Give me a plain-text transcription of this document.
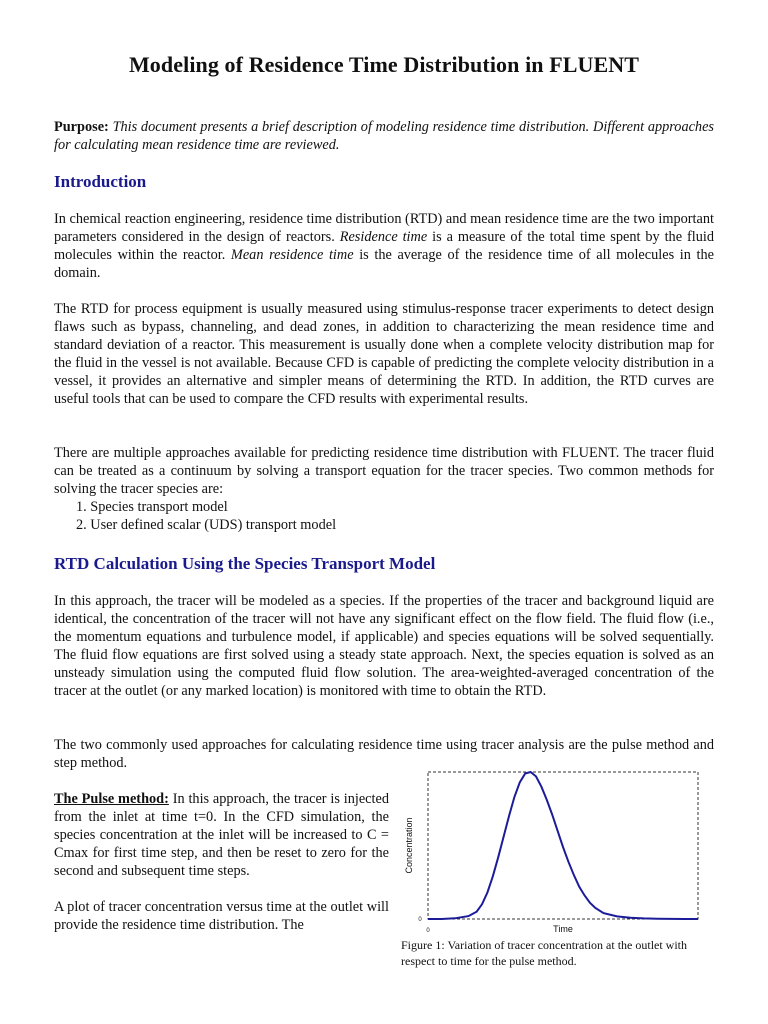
Modeling of Residence Time Distribution in FLUENT

Purpose: This document presents a brief description of modeling residence time distribution. Different approaches for calculating mean residence time are reviewed.

Introduction

In chemical reaction engineering, residence time distribution (RTD) and mean residence time are the two important parameters considered in the design of reactors. Residence time is a measure of the total time spent by the fluid molecules within the reactor. Mean residence time is the average of the residence time of all molecules in the domain.

The RTD for process equipment is usually measured using stimulus-response tracer experiments to detect design flaws such as bypass, channeling, and dead zones, in addition to characterizing the mean residence time and standard deviation of a reactor. This measurement is usually done when a complete velocity distribution map for the fluid in the vessel is not available. Because CFD is capable of predicting the complete velocity distribution in a vessel, it provides an alternative and simpler means of determining the RTD. In addition, the RTD curves are useful tools that can be used to compare the CFD results with experimental results.

There are multiple approaches available for predicting residence time distribution with FLUENT. The tracer fluid can be treated as a continuum by solving a transport equation for the tracer species. Two common methods for solving the tracer species are:

1. Species transport model
2. User defined scalar (UDS) transport model
RTD Calculation Using the Species Transport Model

In this approach, the tracer will be modeled as a species. If the properties of the tracer and background liquid are identical, the concentration of the tracer will not have any significant effect on the flow field. The fluid flow (i.e., the momentum equations and turbulence model, if applicable) and species equations will be solved sequentially. The fluid flow equations are first solved using a steady state approach. Next, the species equation is solved as an unsteady simulation using the computed fluid flow solution. The area-weighted-averaged concentration of the tracer at the outlet (or any marked location) is monitored with time to obtain the RTD.

The two commonly used approaches for calculating residence time using tracer analysis are the pulse method and step method.

The Pulse method: In this approach, the tracer is injected from the inlet at time t=0. In the CFD simulation, the species concentration at the inlet will be increased to C = Cmax for first time step, and then be reset to zero for the second and subsequent time steps.

A plot of tracer concentration versus time at the outlet will provide the residence time distribution. The

Concentration
Time
0
0

Figure 1: Variation of tracer concentration at the outlet with respect to time for the pulse method.
